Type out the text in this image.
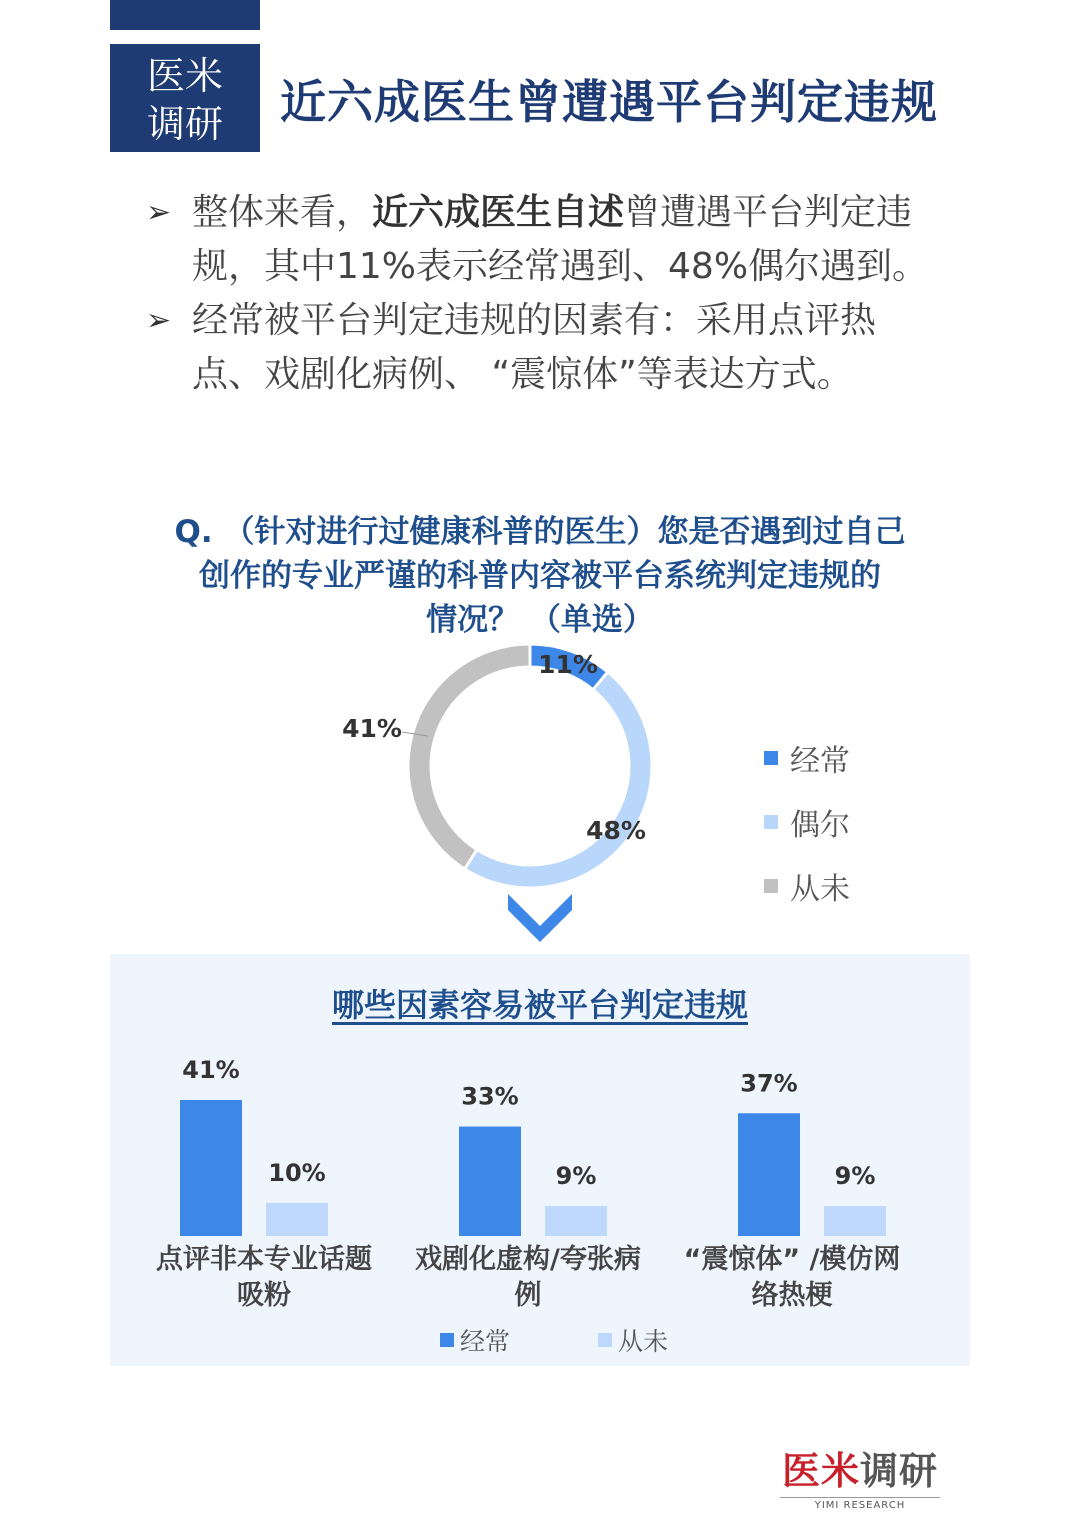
医米
调研	近六成医生曾遭遇平台判定违规
➢ 整体来看，近六成医生自述曾遭遇平台判定违规，其中11%表示经常遇到、48%偶尔遇到。
➢ 经常被平台判定违规的因素有：采用点评热点、戏剧化病例、 “震惊体”等表达方式。
Q. （针对进行过健康科普的医生）您是否遇到过自己
创作的专业严谨的科普内容被平台系统判定违规的
情况？ （单选）
11%
48%
41%
经常
偶尔
从未
哪些因素容易被平台判定违规
41%
10%
点评非本专业话题
吸粉
33%
9%
戏剧化虚构/夸张病
例
37%
9%
“震惊体” /模仿网
络热梗
经常	从未
医米调研
YIMI RESEARCH
